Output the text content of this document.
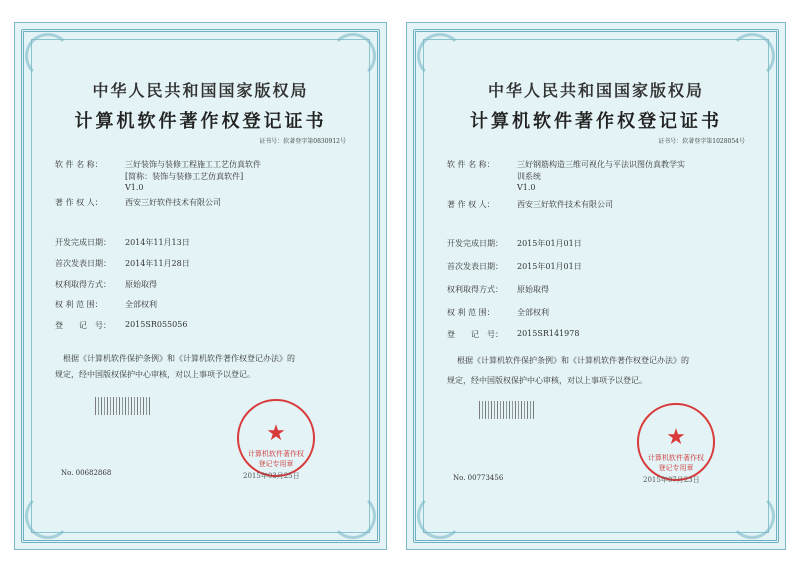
中华人民共和国国家版权局
计算机软件著作权登记证书
证书号：软著登字第0830912号
软 件 名 称：	三好装饰与装修工程施工工艺仿真软件
[简称：装饰与装修工艺仿真软件]
V1.0
著 作 权 人：	西安三好软件技术有限公司
开发完成日期：	2014年11月13日
首次发表日期：	2014年11月28日
权利取得方式：	原始取得
权 利 范 围：	全部权利
登　　记　号：	2015SR055056
根据《计算机软件保护条例》和《计算机软件著作权登记办法》的
规定，经中国版权保护中心审核，对以上事项予以登记。
★
计算机软件著作权
登记专用章
2015年03月25日
No. 00682868
中华人民共和国国家版权局
计算机软件著作权登记证书
证书号：软著登字第1028054号
软 件 名 称：	三好钢筋构造三维可视化与平法识图仿真教学实
训系统
V1.0
著 作 权 人：	西安三好软件技术有限公司
开发完成日期：	2015年01月01日
首次发表日期：	2015年01月01日
权利取得方式：	原始取得
权 利 范 围：	全部权利
登　　记　号：	2015SR141978
根据《计算机软件保护条例》和《计算机软件著作权登记办法》的
规定，经中国版权保护中心审核，对以上事项予以登记。
★
计算机软件著作权
登记专用章
2015年07月23日
No. 00773456
